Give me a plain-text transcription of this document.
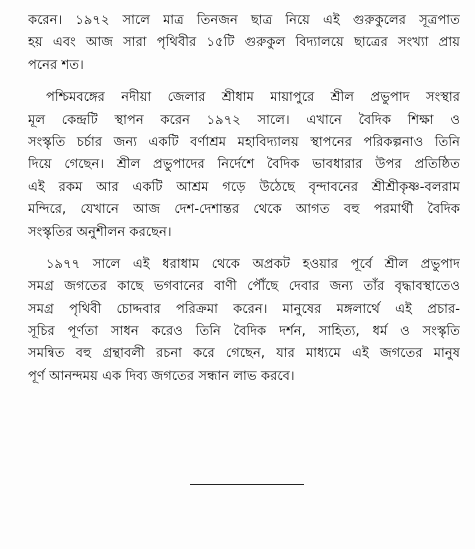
করেন। ১৯৭২ সালে মাত্র তিনজন ছাত্র নিয়ে এই গুরুকুলের সূত্রপাত
হয় এবং আজ সারা পৃথিবীর ১৫টি গুরুকুল বিদ্যালয়ে ছাত্রের সংখ্যা প্রায়
পনের শত।

পশ্চিমবঙ্গের নদীয়া জেলার শ্রীধাম মায়াপুরে শ্রীল প্রভুপাদ সংস্থার
মূল কেন্দ্রটি স্থাপন করেন ১৯৭২ সালে। এখানে বৈদিক শিক্ষা ও
সংস্কৃতি চর্চার জন্য একটি বর্ণাশ্রম মহাবিদ্যালয় স্থাপনের পরিকল্পনাও তিনি
দিয়ে গেছেন। শ্রীল প্রভুপাদের নির্দেশে বৈদিক ভাবধারার উপর প্রতিষ্ঠিত
এই রকম আর একটি আশ্রম গড়ে উঠেছে বৃন্দাবনের শ্রীশ্রীকৃষ্ণ-বলরাম
মন্দিরে, যেখানে আজ দেশ-দেশান্তর থেকে আগত বহু পরমার্থী বৈদিক
সংস্কৃতির অনুশীলন করছেন।

১৯৭৭ সালে এই ধরাধাম থেকে অপ্রকট হওয়ার পূর্বে শ্রীল প্রভুপাদ
সমগ্র জগতের কাছে ভগবানের বাণী পৌঁছে দেবার জন্য তাঁর বৃদ্ধাবস্থাতেও
সমগ্র পৃথিবী চোদ্দবার পরিক্রমা করেন। মানুষের মঙ্গলার্থে এই প্রচার-
সূচির পূর্ণতা সাধন করেও তিনি বৈদিক দর্শন, সাহিত্য, ধর্ম ও সংস্কৃতি
সমন্বিত বহু গ্রন্থাবলী রচনা করে গেছেন, যার মাধ্যমে এই জগতের মানুষ
পূর্ণ আনন্দময় এক দিব্য জগতের সন্ধান লাভ করবে।
